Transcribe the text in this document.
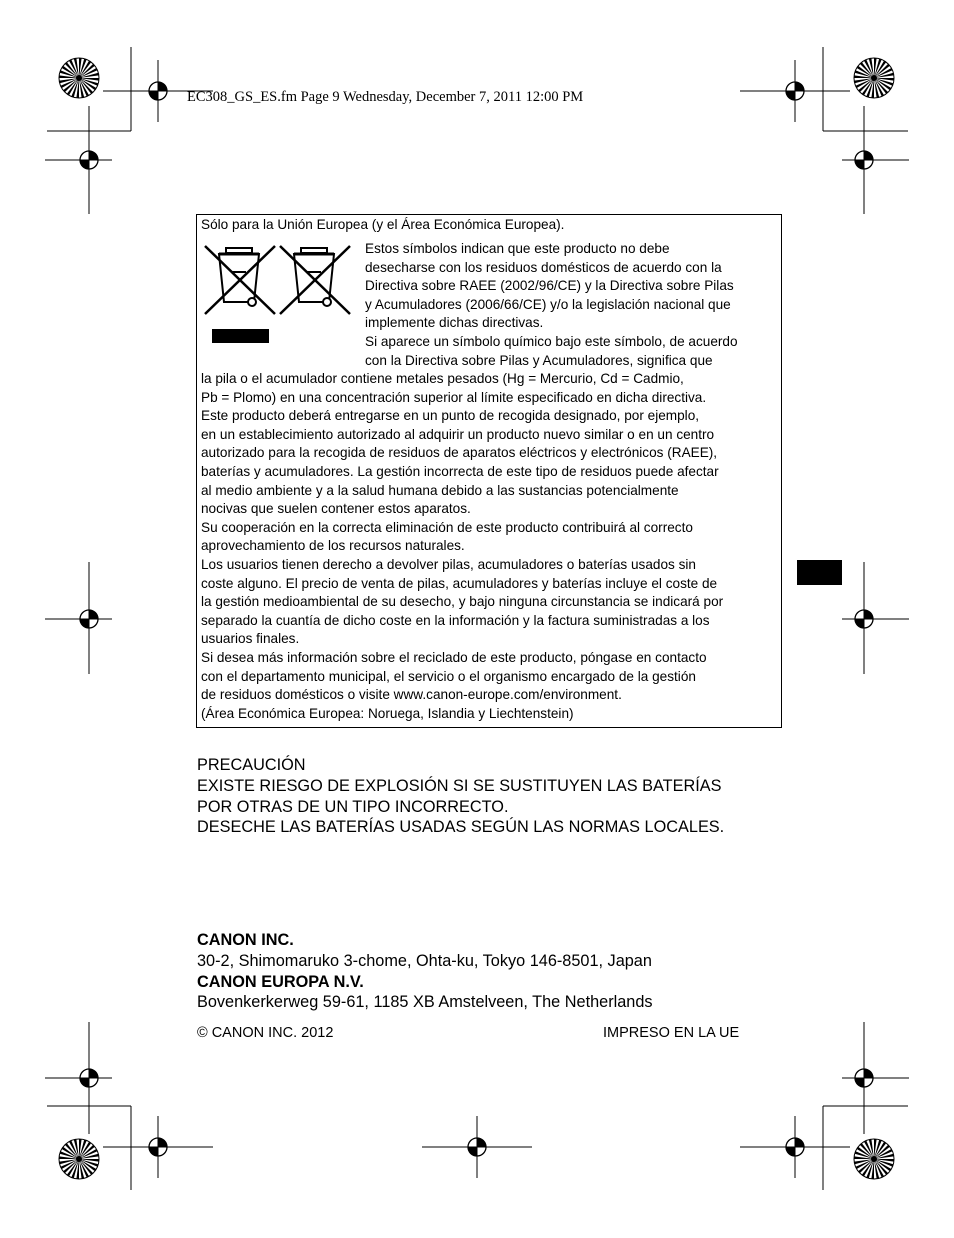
EC308_GS_ES.fm Page 9 Wednesday, December 7, 2011 12:00 PM
Sólo para la Unión Europea (y el Área Económica Europea).
Estos símbolos indican que este producto no debe
desecharse con los residuos domésticos de acuerdo con la
Directiva sobre RAEE (2002/96/CE) y la Directiva sobre Pilas
y Acumuladores (2006/66/CE) y/o la legislación nacional que
implemente dichas directivas.
Si aparece un símbolo químico bajo este símbolo, de acuerdo
con la Directiva sobre Pilas y Acumuladores, significa que
la pila o el acumulador contiene metales pesados (Hg = Mercurio, Cd = Cadmio,
Pb = Plomo) en una concentración superior al límite especificado en dicha directiva.
Este producto deberá entregarse en un punto de recogida designado, por ejemplo,
en un establecimiento autorizado al adquirir un producto nuevo similar o en un centro
autorizado para la recogida de residuos de aparatos eléctricos y electrónicos (RAEE),
baterías y acumuladores. La gestión incorrecta de este tipo de residuos puede afectar
al medio ambiente y a la salud humana debido a las sustancias potencialmente
nocivas que suelen contener estos aparatos.
Su cooperación en la correcta eliminación de este producto contribuirá al correcto
aprovechamiento de los recursos naturales.
Los usuarios tienen derecho a devolver pilas, acumuladores o baterías usados sin
coste alguno. El precio de venta de pilas, acumuladores y baterías incluye el coste de
la gestión medioambiental de su desecho, y bajo ninguna circunstancia se indicará por
separado la cuantía de dicho coste en la información y la factura suministradas a los
usuarios finales.
Si desea más información sobre el reciclado de este producto, póngase en contacto
con el departamento municipal, el servicio o el organismo encargado de la gestión
de residuos domésticos o visite www.canon-europe.com/environment.
(Área Económica Europea: Noruega, Islandia y Liechtenstein)
PRECAUCIÓN
EXISTE RIESGO DE EXPLOSIÓN SI SE SUSTITUYEN LAS BATERÍAS
POR OTRAS DE UN TIPO INCORRECTO.
DESECHE LAS BATERÍAS USADAS SEGÚN LAS NORMAS LOCALES.
CANON INC.
30-2, Shimomaruko 3-chome, Ohta-ku, Tokyo 146-8501, Japan
CANON EUROPA N.V.
Bovenkerkerweg 59-61, 1185 XB Amstelveen, The Netherlands
© CANON INC. 2012	IMPRESO EN LA UE
